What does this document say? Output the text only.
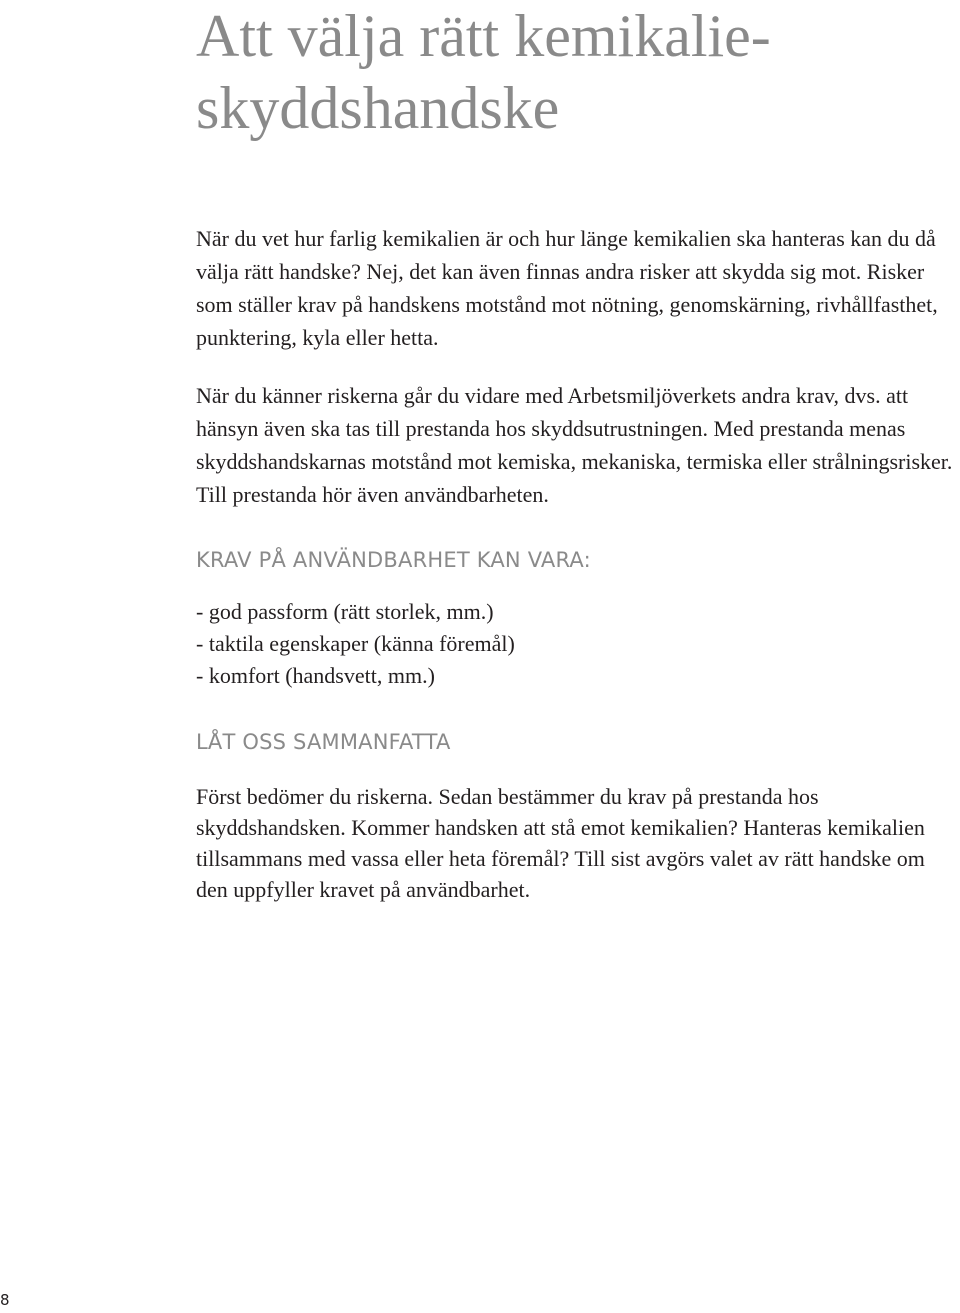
Att välja rätt kemikalie-
skyddshandske

När du vet hur farlig kemikalien är och hur länge kemikalien ska hanteras kan du då välja rätt handske? Nej, det kan även finnas andra risker att skydda sig mot. Risker som ställer krav på handskens motstånd mot nötning, genomskärning, rivhållfasthet, punktering, kyla eller hetta.

När du känner riskerna går du vidare med Arbetsmiljöverkets andra krav, dvs. att hänsyn även ska tas till prestanda hos skyddsutrustningen. Med prestanda menas skyddshandskarnas motstånd mot kemiska, mekaniska, termiska eller strålningsrisker. Till prestanda hör även användbarheten.

KRAV PÅ ANVÄNDBARHET KAN VARA:
- god passform (rätt storlek, mm.)
- taktila egenskaper (känna föremål)
- komfort (handsvett, mm.)
LÅT OSS SAMMANFATTA

Först bedömer du riskerna. Sedan bestämmer du krav på prestanda hos skyddshandsken. Kommer handsken att stå emot kemikalien? Hanteras kemikalien tillsammans med vassa eller heta föremål? Till sist avgörs valet av rätt handske om den uppfyller kravet på användbarhet.

8
